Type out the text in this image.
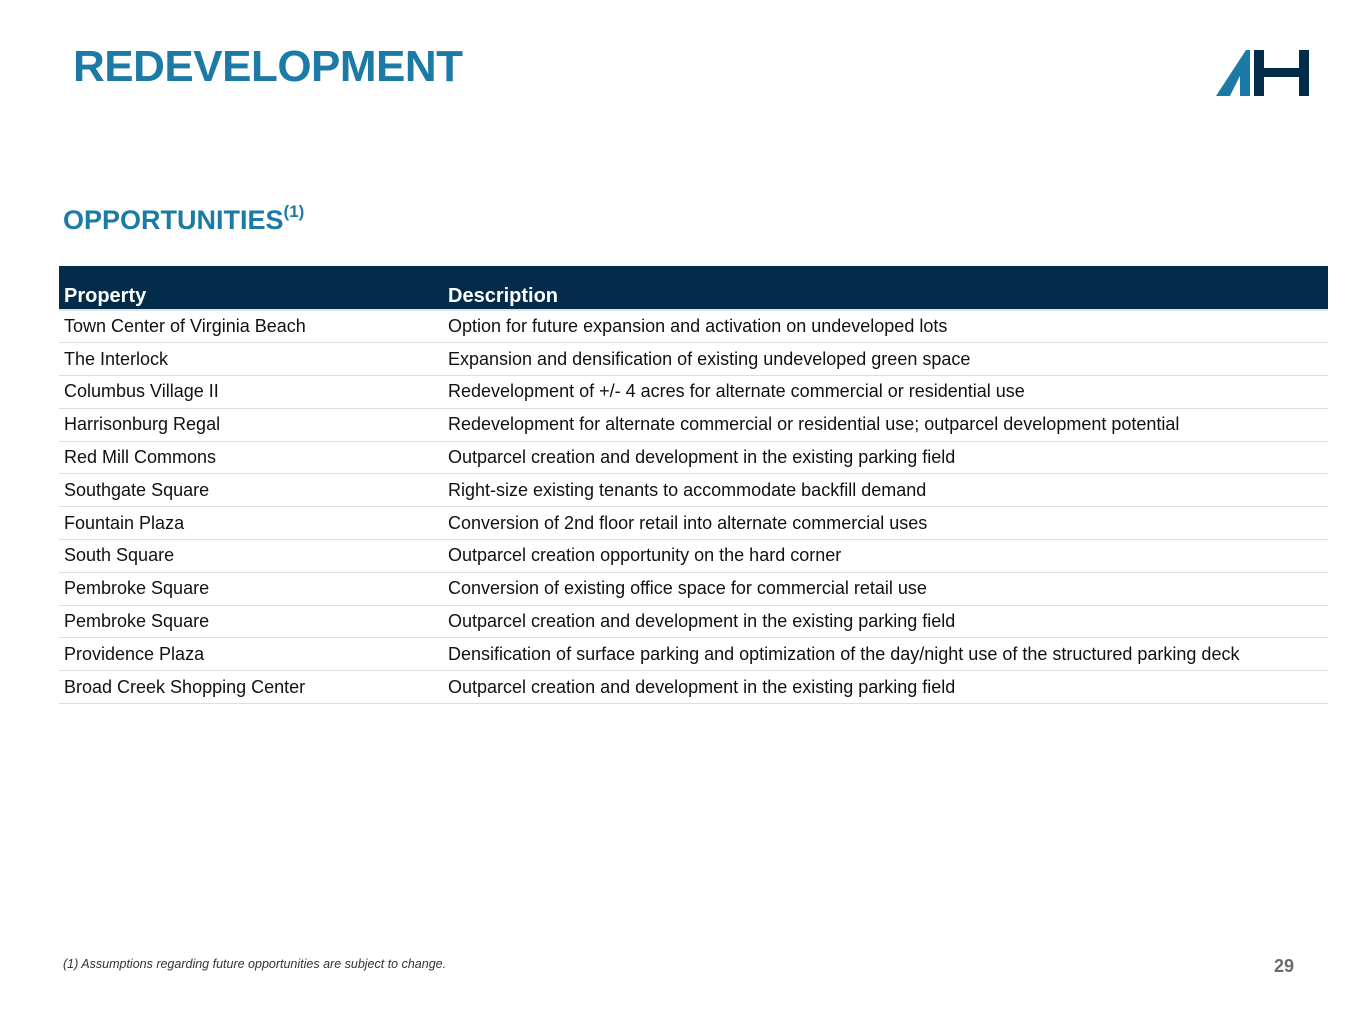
REDEVELOPMENT
OPPORTUNITIES$^{(1)}$
Property	Description
Town Center of Virginia Beach	Option for future expansion and activation on undeveloped lots
The Interlock	Expansion and densification of existing undeveloped green space
Columbus Village II	Redevelopment of +/- 4 acres for alternate commercial or residential use
Harrisonburg Regal	Redevelopment for alternate commercial or residential use; outparcel development potential
Red Mill Commons	Outparcel creation and development in the existing parking field
Southgate Square	Right-size existing tenants to accommodate backfill demand
Fountain Plaza	Conversion of 2nd floor retail into alternate commercial uses
South Square	Outparcel creation opportunity on the hard corner
Pembroke Square	Conversion of existing office space for commercial retail use
Pembroke Square	Outparcel creation and development in the existing parking field
Providence Plaza	Densification of surface parking and optimization of the day/night use of the structured parking deck
Broad Creek Shopping Center	Outparcel creation and development in the existing parking field
(1) Assumptions regarding future opportunities are subject to change.	29
